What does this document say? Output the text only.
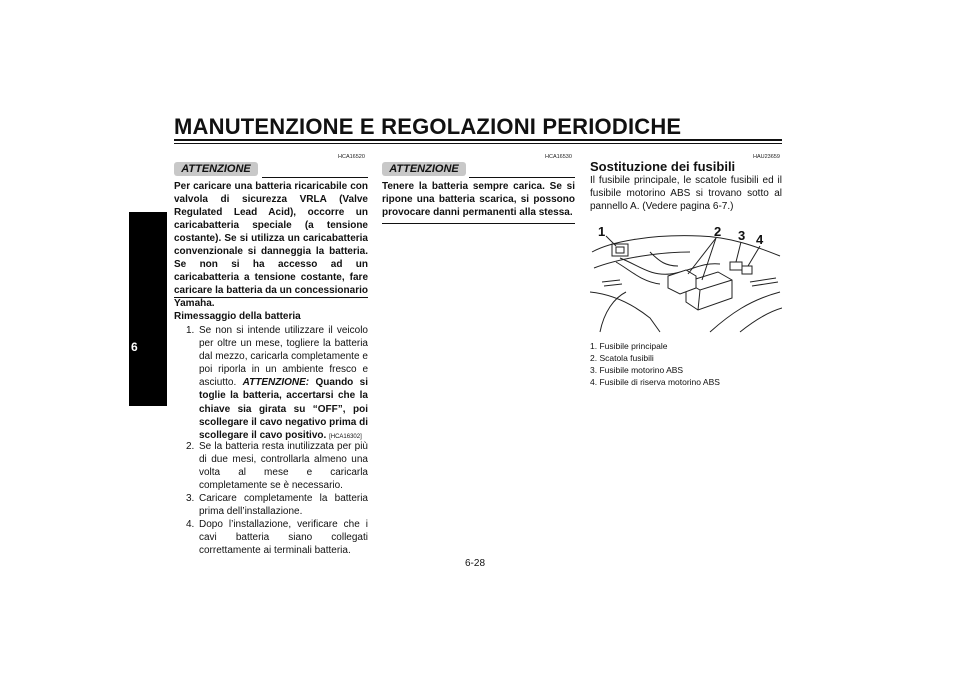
MANUTENZIONE E REGOLAZIONI PERIODICHE
6
HCA16520
ATTENZIONE
Per caricare una batteria ricaricabile con valvola di sicurezza VRLA (Valve Regulated Lead Acid), occorre un caricabatteria speciale (a tensione costante). Se si utilizza un caricabatteria convenzionale si danneggia la batteria. Se non si ha accesso ad un caricabatteria a tensione costante, fare caricare la batteria da un concessionario Yamaha.
Rimessaggio della batteria
1. Se non si intende utilizzare il veicolo per oltre un mese, togliere la batteria dal mezzo, caricarla completamente e poi riporla in un ambiente fresco e asciutto. ATTENZIONE: Quando si toglie la batteria, accertarsi che la chiave sia girata su “OFF”, poi scollegare il cavo negativo prima di scollegare il cavo positivo. [HCA16302]
2. Se la batteria resta inutilizzata per più di due mesi, controllarla almeno una volta al mese e caricarla completamente se è necessario.
3. Caricare completamente la batteria prima dell’installazione.
4. Dopo l’installazione, verificare che i cavi batteria siano collegati correttamente ai terminali batteria.
HCA16530
ATTENZIONE
Tenere la batteria sempre carica. Se si ripone una batteria scarica, si possono provocare danni permanenti alla stessa.
HAU23659
Sostituzione dei fusibili
Il fusibile principale, le scatole fusibili ed il fusibile motorino ABS si trovano sotto al pannello A. (Vedere pagina 6-7.)
1	2 3 4
1. Fusibile principale
2. Scatola fusibili
3. Fusibile motorino ABS
4. Fusibile di riserva motorino ABS
6-28
